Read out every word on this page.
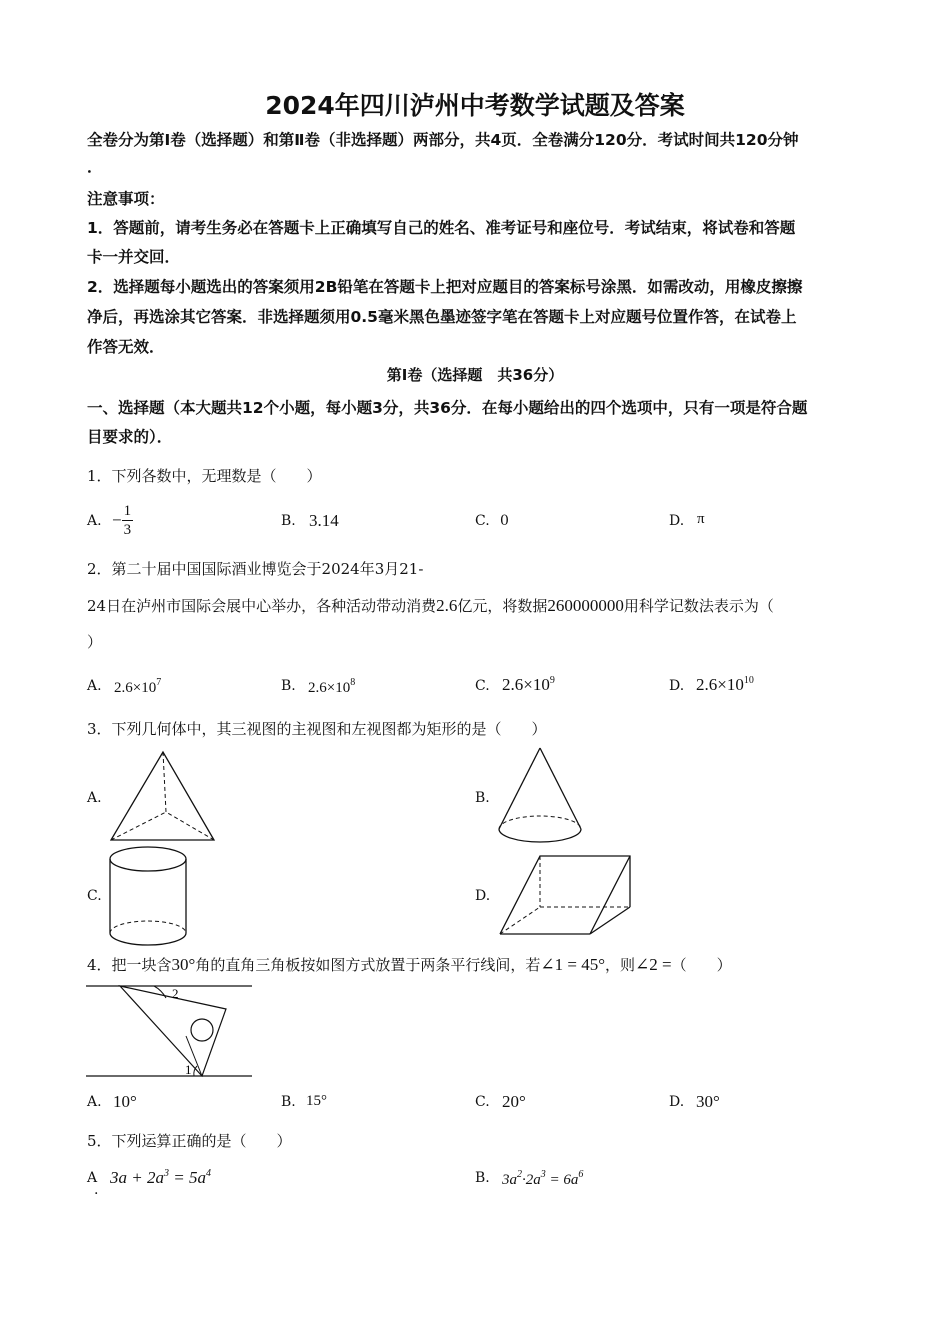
2024年四川泸州中考数学试题及答案
全卷分为第Ⅰ卷（选择题）和第Ⅱ卷（非选择题）两部分，共4页．全卷满分120分．考试时间共120分钟
．
注意事项：
1．答题前，请考生务必在答题卡上正确填写自己的姓名、准考证号和座位号．考试结束，将试卷和答题
卡一并交回．
2．选择题每小题选出的答案须用2B铅笔在答题卡上把对应题目的答案标号涂黑．如需改动，用橡皮擦擦
净后，再选涂其它答案．非选择题须用0.5毫米黑色墨迹签字笔在答题卡上对应题号位置作答，在试卷上
作答无效．
第Ⅰ卷（选择题　共36分）
一、选择题（本大题共12个小题，每小题3分，共36分．在每小题给出的四个选项中，只有一项是符合题
目要求的）．
1．下列各数中，无理数是（　　）
A. − $\frac{1}{3}$	B. 3.14	C. 0	D. π
2．第二十届中国国际酒业博览会于2024年3月21-
24日在泸州市国际会展中心举办，各种活动带动消费2.6亿元，将数据260000000用科学记数法表示为（
）
A. $2.6\times 10^7$	B. $2.6\times 10^8$	C. $2.6\times 10^9$	D. $2.6\times 10^{10}$
3．下列几何体中，其三视图的主视图和左视图都为矩形的是（　　）
A.	B.
C.	D.
4．把一块含30°角的直角三角板按如图方式放置于两条平行线间，若∠1 = 45°，则∠2 =（　　）
2
1
A. 10°	B. 15°	C. 20°	D. 30°
5．下列运算正确的是（　　）
A
.
$3a + 2a^3 = 5a^4$	B. $3a^2\cdot 2a^3 = 6a^6$
